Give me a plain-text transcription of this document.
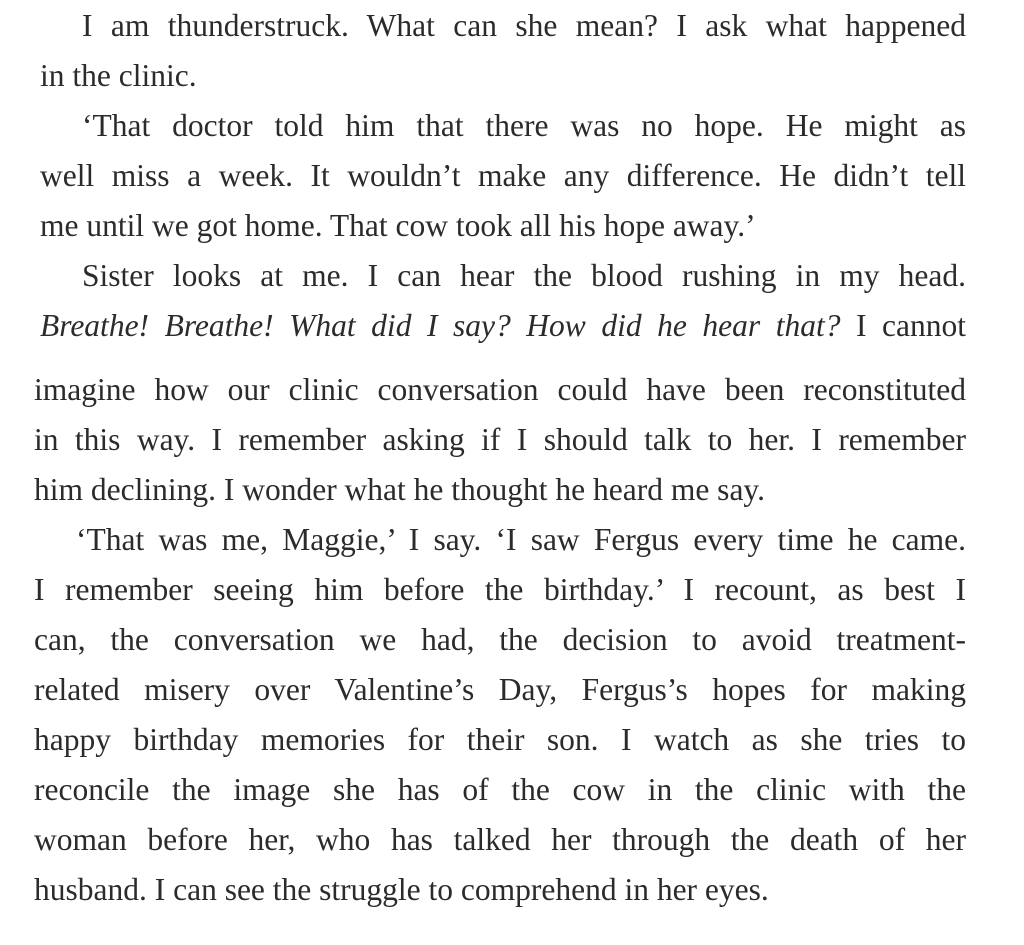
I am thunderstruck. What can she mean? I ask what happened
in the clinic.
‘That doctor told him that there was no hope. He might as
well miss a week. It wouldn’t make any difference. He didn’t tell
me until we got home. That cow took all his hope away.’
Sister looks at me. I can hear the blood rushing in my head.
Breathe! Breathe! What did I say? How did he hear that? I cannot
imagine how our clinic conversation could have been reconstituted
in this way. I remember asking if I should talk to her. I remember
him declining. I wonder what he thought he heard me say.
‘That was me, Maggie,’ I say. ‘I saw Fergus every time he came.
I remember seeing him before the birthday.’ I recount, as best I
can, the conversation we had, the decision to avoid treatment-
related misery over Valentine’s Day, Fergus’s hopes for making
happy birthday memories for their son. I watch as she tries to
reconcile the image she has of the cow in the clinic with the
woman before her, who has talked her through the death of her
husband. I can see the struggle to comprehend in her eyes.
